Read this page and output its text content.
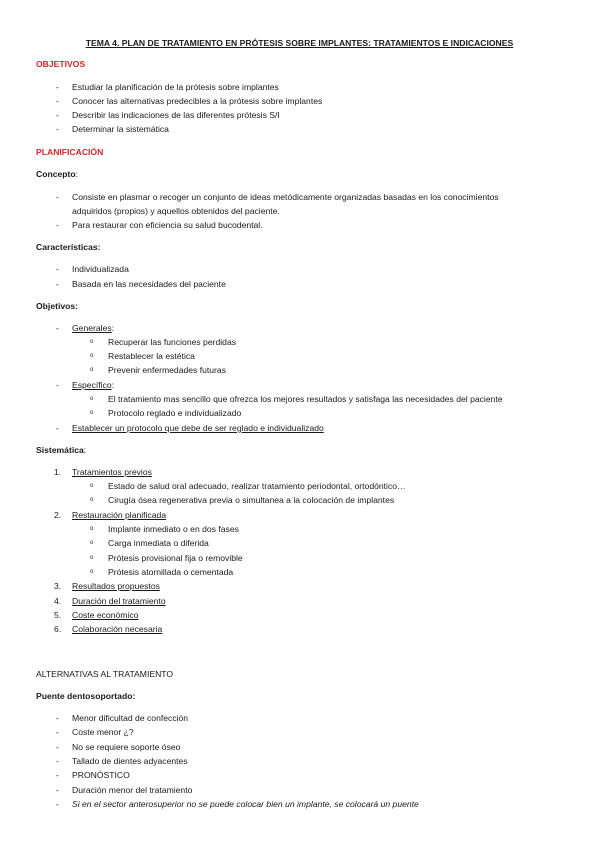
TEMA 4. PLAN DE TRATAMIENTO EN PRÓTESIS SOBRE IMPLANTES: TRATAMIENTOS E INDICACIONES
OBJETIVOS
- Estudiar la planificación de la prótesis sobre implantes
- Conocer las alternativas predecibles a la prótesis sobre implantes
- Describir las indicaciones de las diferentes prótesis S/I
- Determinar la sistemática
PLANIFICACIÓN
Concepto:
- Consiste en plasmar o recoger un conjunto de ideas metódicamente organizadas basadas en los conocimientos
adquiridos (propios) y aquellos obtenidos del paciente.
- Para restaurar con eficiencia su salud bucodental.
Características:
- Individualizada
- Basada en las necesidades del paciente
Objetivos:
- Generales:
o Recuperar las funciones perdidas
o Restablecer la estética
o Prevenir enfermedades futuras
- Específico:
o El tratamiento mas sencillo que ofrezca los mejores resultados y satisfaga las necesidades del paciente
o Protocolo reglado e individualizado
- Establecer un protocolo que debe de ser reglado e individualizado
Sistemática:
1. Tratamientos previos
o Estado de salud oral adecuado, realizar tratamiento periodontal, ortodóntico…
o Cirugía ósea regenerativa previa o simultanea a la colocación de implantes
2. Restauración planificada
o Implante inmediato o en dos fases
o Carga inmediata o diferida
o Prótesis provisional fija o removible
o Prótesis atornillada o cementada
3. Resultados propuestos
4. Duración del tratamiento
5. Coste económico
6. Colaboración necesaria
ALTERNATIVAS AL TRATAMIENTO
Puente dentosoportado:
- Menor dificultad de confección
- Coste menor ¿?
- No se requiere soporte óseo
- Tallado de dientes adyacentes
- PRONÓSTICO
- Duración menor del tratamiento
- Si en el sector anterosuperior no se puede colocar bien un implante, se colocará un puente
